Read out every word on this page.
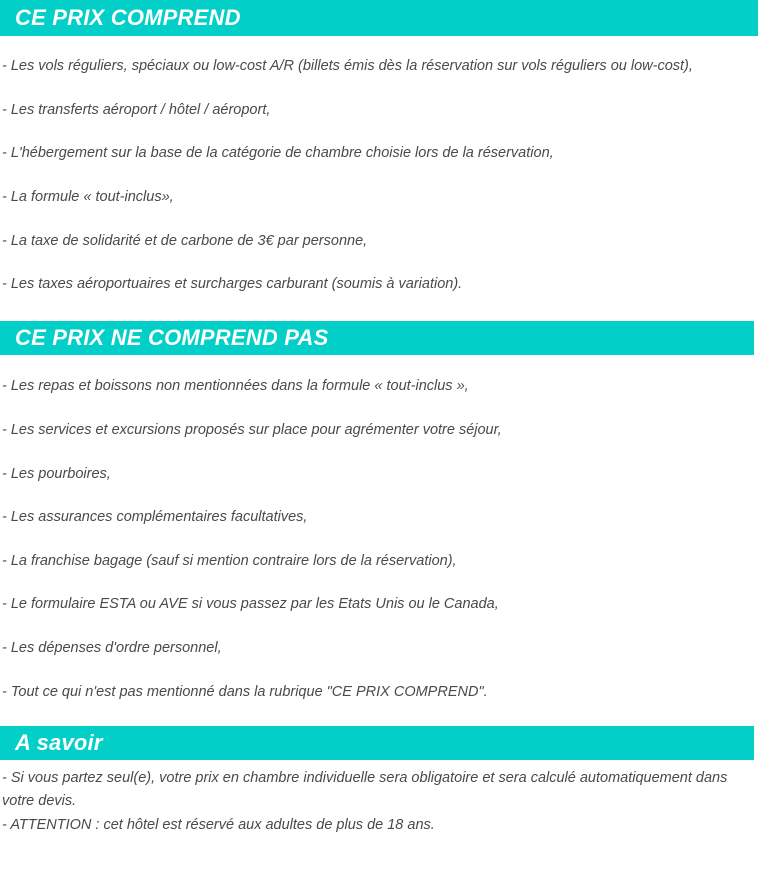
CE PRIX COMPREND
- Les vols réguliers, spéciaux ou low-cost A/R (billets émis dès la réservation sur vols réguliers ou low-cost),
- Les transferts aéroport / hôtel / aéroport,
- L'hébergement sur la base de la catégorie de chambre choisie lors de la réservation,
- La formule « tout-inclus»,
- La taxe de solidarité et de carbone de 3€ par personne,
- Les taxes aéroportuaires et surcharges carburant (soumis à variation).
CE PRIX NE COMPREND PAS
- Les repas et boissons non mentionnées dans la formule « tout-inclus »,
- Les services et excursions proposés sur place pour agrémenter votre séjour,
- Les pourboires,
- Les assurances complémentaires facultatives,
- La franchise bagage (sauf si mention contraire lors de la réservation),
- Le formulaire ESTA ou AVE si vous passez par les Etats Unis ou le Canada,
- Les dépenses d'ordre personnel,
- Tout ce qui n'est pas mentionné dans la rubrique "CE PRIX COMPREND".
A savoir
- Si vous partez seul(e), votre prix en chambre individuelle sera obligatoire et sera calculé automatiquement dans votre devis.
- ATTENTION : cet hôtel est réservé aux adultes de plus de 18 ans.
